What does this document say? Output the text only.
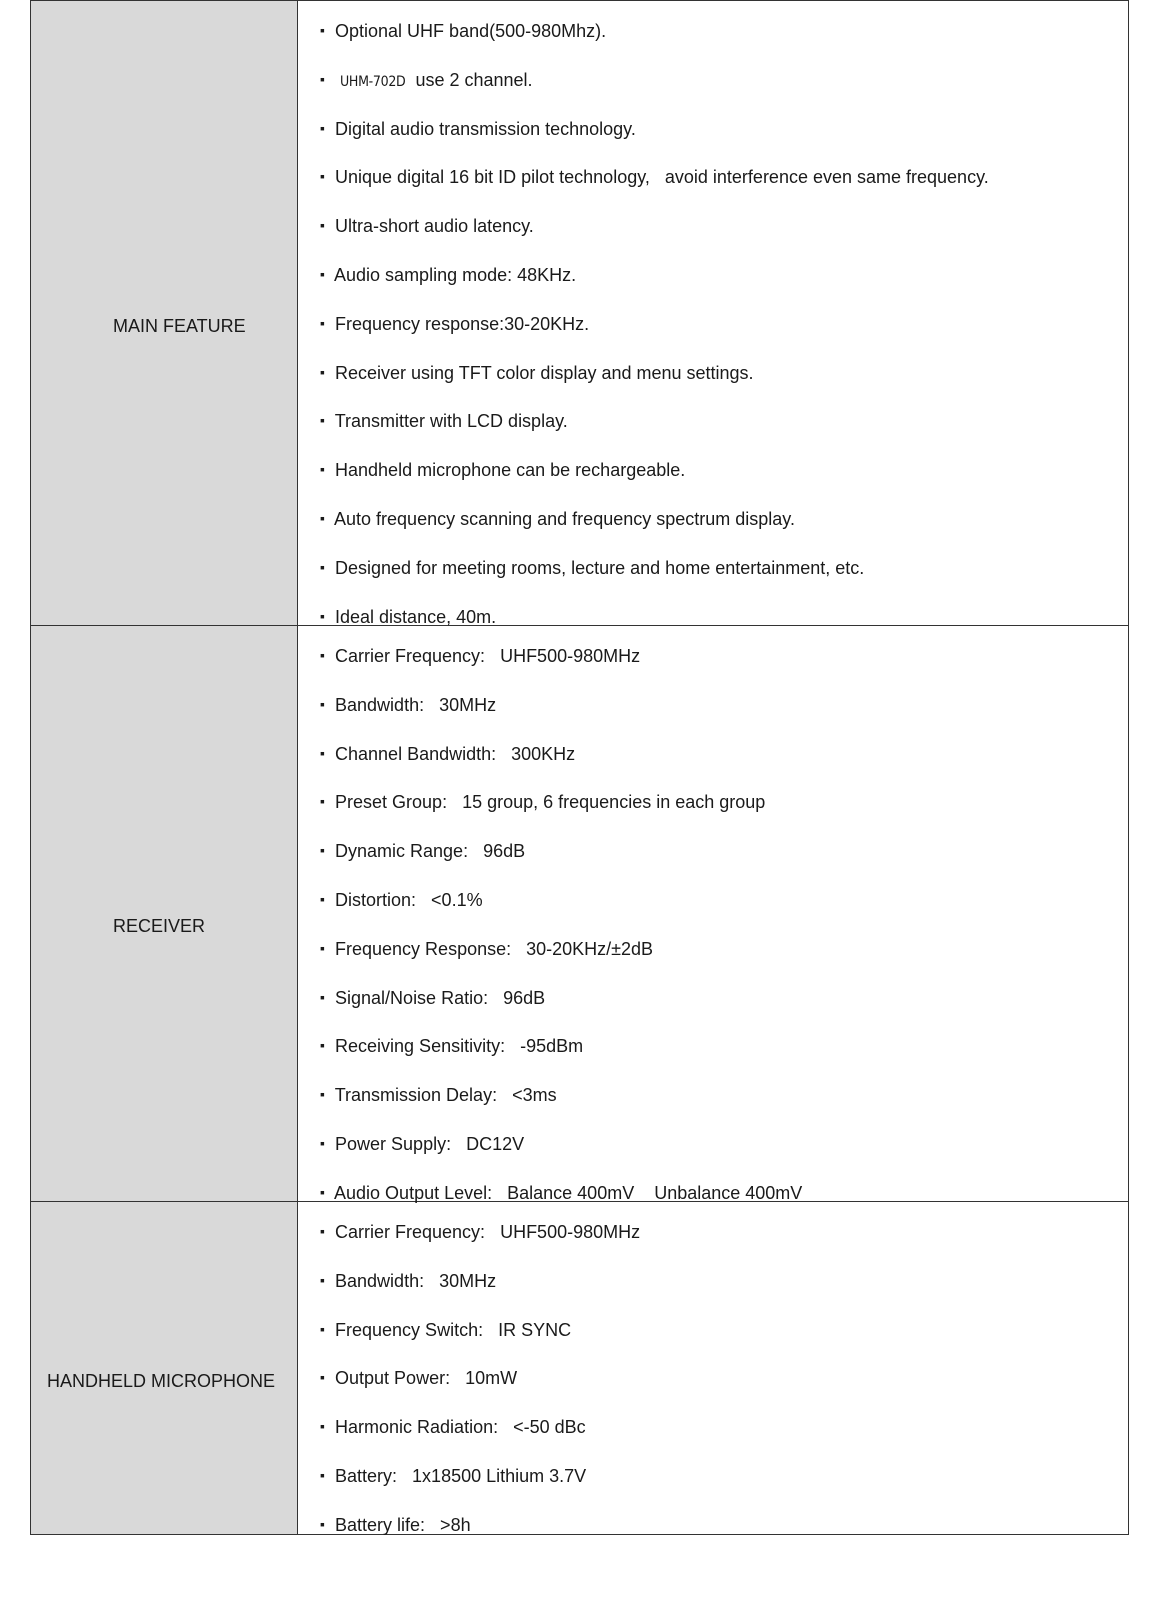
MAIN FEATURE
▪ Optional UHF band(500-980Mhz).
▪ UHM-702D  use 2 channel.
▪ Digital audio transmission technology.
▪ Unique digital 16 bit ID pilot technology,   avoid interference even same frequency.
▪ Ultra-short audio latency.
▪ Audio sampling mode: 48KHz.
▪ Frequency response:30-20KHz.
▪ Receiver using TFT color display and menu settings.
▪ Transmitter with LCD display.
▪ Handheld microphone can be rechargeable.
▪ Auto frequency scanning and frequency spectrum display.
▪ Designed for meeting rooms, lecture and home entertainment, etc.
▪ Ideal distance, 40m.
RECEIVER
▪ Carrier Frequency:   UHF500-980MHz
▪ Bandwidth:   30MHz
▪ Channel Bandwidth:   300KHz
▪ Preset Group:   15 group, 6 frequencies in each group
▪ Dynamic Range:   96dB
▪ Distortion:   <0.1%
▪ Frequency Response:   30-20KHz/±2dB
▪ Signal/Noise Ratio:   96dB
▪ Receiving Sensitivity:   -95dBm
▪ Transmission Delay:   <3ms
▪ Power Supply:   DC12V
▪ Audio Output Level:   Balance 400mV    Unbalance 400mV
HANDHELD MICROPHONE
▪ Carrier Frequency:   UHF500-980MHz
▪ Bandwidth:   30MHz
▪ Frequency Switch:   IR SYNC
▪ Output Power:   10mW
▪ Harmonic Radiation:   <-50 dBc
▪ Battery:   1x18500 Lithium 3.7V
▪ Battery life:   >8h
